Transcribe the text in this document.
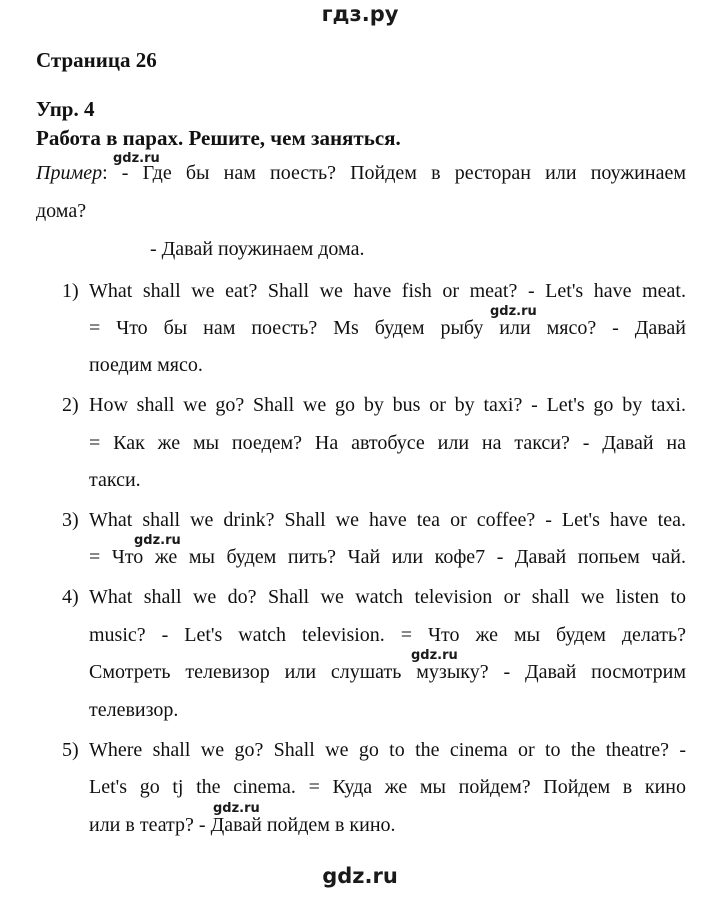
гдз.ру
Страница 26
Упр. 4
Работа в парах. Решите, чем заняться.
gdz.ru
Пример: - Где бы нам поесть? Пойдем в ресторан или поужинаем
дома?
- Давай поужинаем дома.
1) What shall we eat? Shall we have fish or meat? - Let's have meat.
gdz.ru
= Что бы нам поесть? Ms будем рыбу или мясо? - Давай
поедим мясо.
2) How shall we go? Shall we go by bus or by taxi? - Let's go by taxi.
= Как же мы поедем? На автобусе или на такси? - Давай на
такси.
3) What shall we drink? Shall we have tea or coffee? - Let's have tea.
gdz.ru
= Что же мы будем пить? Чай или кофе7 - Давай попьем чай.
4) What shall we do? Shall we watch television or shall we listen to
music? - Let's watch television. = Что же мы будем делать?
gdz.ru
Смотреть телевизор или слушать музыку? - Давай посмотрим
телевизор.
5) Where shall we go? Shall we go to the cinema or to the theatre? -
Let's go tj the cinema. = Куда же мы пойдем? Пойдем в кино
gdz.ru
или в театр? - Давай пойдем в кино.
gdz.ru
